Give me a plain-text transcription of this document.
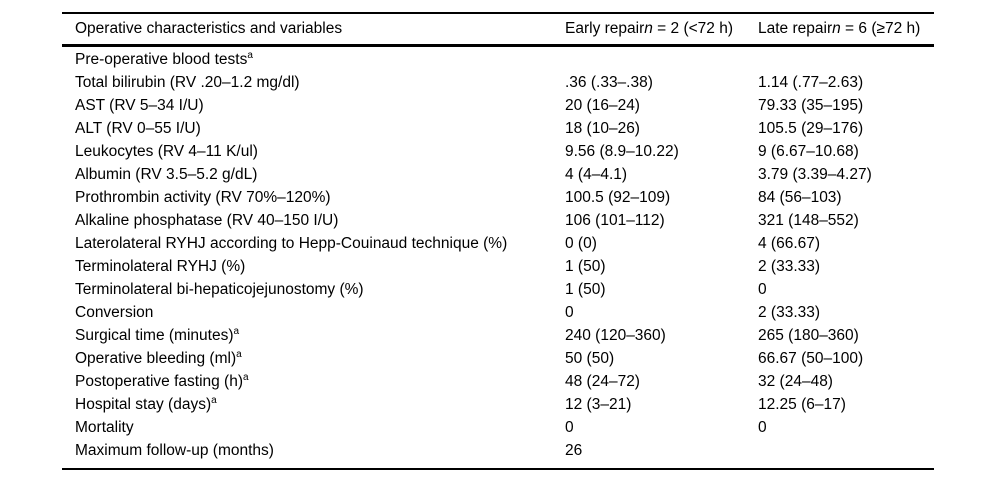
Operative characteristics and variables	Early repairn = 2 (<72 h)	Late repairn = 6 (≥72 h)
Pre-operative blood tests$^a$
Total bilirubin (RV .20–1.2 mg/dl)	.36 (.33–.38)	1.14 (.77–2.63)
AST (RV 5–34 I/U)	20 (16–24)	79.33 (35–195)
ALT (RV 0–55 I/U)	18 (10–26)	105.5 (29–176)
Leukocytes (RV 4–11 K/ul)	9.56 (8.9–10.22)	9 (6.67–10.68)
Albumin (RV 3.5–5.2 g/dL)	4 (4–4.1)	3.79 (3.39–4.27)
Prothrombin activity (RV 70%–120%)	100.5 (92–109)	84 (56–103)
Alkaline phosphatase (RV 40–150 I/U)	106 (101–112)	321 (148–552)
Laterolateral RYHJ according to Hepp-Couinaud technique (%)	0 (0)	4 (66.67)
Terminolateral RYHJ (%)	1 (50)	2 (33.33)
Terminolateral bi-hepaticojejunostomy (%)	1 (50)	0
Conversion	0	2 (33.33)
Surgical time (minutes)$^a$	240 (120–360)	265 (180–360)
Operative bleeding (ml)$^a$	50 (50)	66.67 (50–100)
Postoperative fasting $(h)^a$	48 (24–72)	32 (24–48)
Hospital stay (days)$^a$	12 (3–21)	12.25 (6–17)
Mortality	0	0
Maximum follow-up (months)	26
